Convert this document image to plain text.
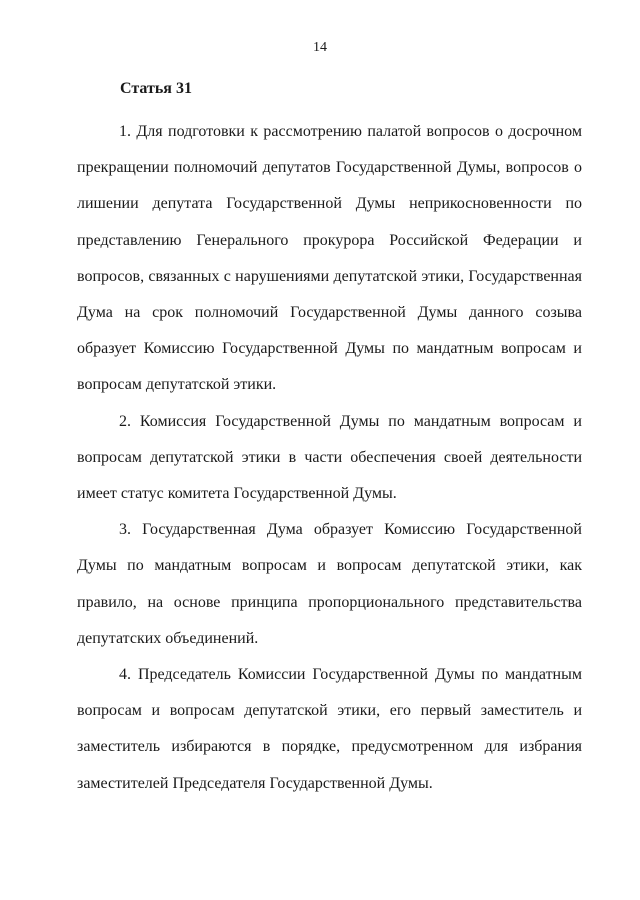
14
Статья 31

1. Для подготовки к рассмотрению палатой вопросов о досрочном прекращении полномочий депутатов Государственной Думы, вопросов о лишении депутата Государственной Думы неприкосновенности по представлению Генерального прокурора Российской Федерации и вопросов, связанных с нарушениями депутатской этики, Государственная Дума на срок полномочий Государственной Думы данного созыва образует Комиссию Государственной Думы по мандатным вопросам и вопросам депутатской этики.

2. Комиссия Государственной Думы по мандатным вопросам и вопросам депутатской этики в части обеспечения своей деятельности имеет статус комитета Государственной Думы.

3. Государственная Дума образует Комиссию Государственной Думы по мандатным вопросам и вопросам депутатской этики, как правило, на основе принципа пропорционального представительства депутатских объединений.

4. Председатель Комиссии Государственной Думы по мандатным вопросам и вопросам депутатской этики, его первый заместитель и заместитель избираются в порядке, предусмотренном для избрания заместителей Председателя Государственной Думы.
